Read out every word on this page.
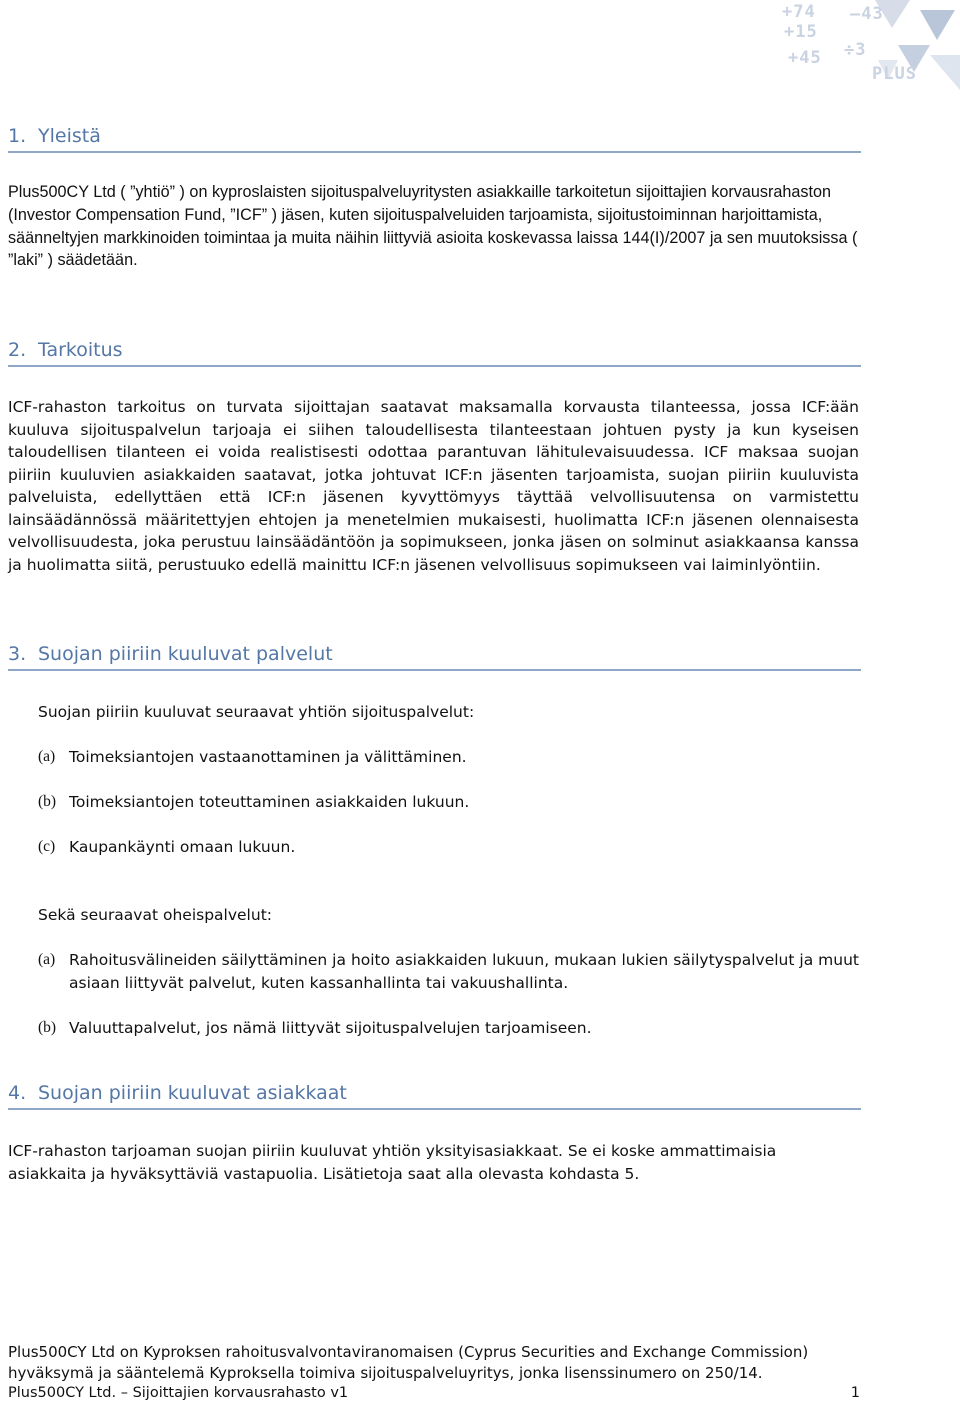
+74
+15
–43
÷3
PLUS
+45
1. Yleistä

Plus500CY Ltd ( ”yhtiö” ) on kyproslaisten sijoituspalveluyritysten asiakkaille tarkoitetun sijoittajien korvausrahaston (Investor Compensation Fund, ”ICF” ) jäsen, kuten sijoituspalveluiden tarjoamista, sijoitustoiminnan harjoittamista, säänneltyjen markkinoiden toimintaa ja muita näihin liittyviä asioita koskevassa laissa 144(I)/2007 ja sen muutoksissa ( ”laki” ) säädetään.

2. Tarkoitus

ICF-rahaston tarkoitus on turvata sijoittajan saatavat maksamalla korvausta tilanteessa, jossa ICF:ään kuuluva sijoituspalvelun tarjoaja ei siihen taloudellisesta tilanteestaan johtuen pysty ja kun kyseisen taloudellisen tilanteen ei voida realistisesti odottaa parantuvan lähitulevaisuudessa. ICF maksaa suojan piiriin kuuluvien asiakkaiden saatavat, jotka johtuvat ICF:n jäsenten tarjoamista, suojan piiriin kuuluvista palveluista, edellyttäen että ICF:n jäsenen kyvyttömyys täyttää velvollisuutensa on varmistettu lainsäädännössä määritettyjen ehtojen ja menetelmien mukaisesti, huolimatta ICF:n jäsenen olennaisesta velvollisuudesta, joka perustuu lainsäädäntöön ja sopimukseen, jonka jäsen on solminut asiakkaansa kanssa ja huolimatta siitä, perustuuko edellä mainittu ICF:n jäsenen velvollisuus sopimukseen vai laiminlyöntiin.

3. Suojan piiriin kuuluvat palvelut

Suojan piiriin kuuluvat seuraavat yhtiön sijoituspalvelut:

(a) Toimeksiantojen vastaanottaminen ja välittäminen.
(b) Toimeksiantojen toteuttaminen asiakkaiden lukuun.
(c) Kaupankäynti omaan lukuun.

Sekä seuraavat oheispalvelut:

(a) Rahoitusvälineiden säilyttäminen ja hoito asiakkaiden lukuun, mukaan lukien säilytyspalvelut ja muut asiaan liittyvät palvelut, kuten kassanhallinta tai vakuushallinta.
(b) Valuuttapalvelut, jos nämä liittyvät sijoituspalvelujen tarjoamiseen.
4. Suojan piiriin kuuluvat asiakkaat

ICF-rahaston tarjoaman suojan piiriin kuuluvat yhtiön yksityisasiakkaat. Se ei koske ammattimaisia asiakkaita ja hyväksyttäviä vastapuolia. Lisätietoja saat alla olevasta kohdasta 5.

Plus500CY Ltd on Kyproksen rahoitusvalvontaviranomaisen (Cyprus Securities and Exchange Commission) hyväksymä ja sääntelemä Kyproksella toimiva sijoituspalveluyritys, jonka lisenssinumero on 250/14.

Plus500CY Ltd. – Sijoittajien korvausrahasto v1	1
